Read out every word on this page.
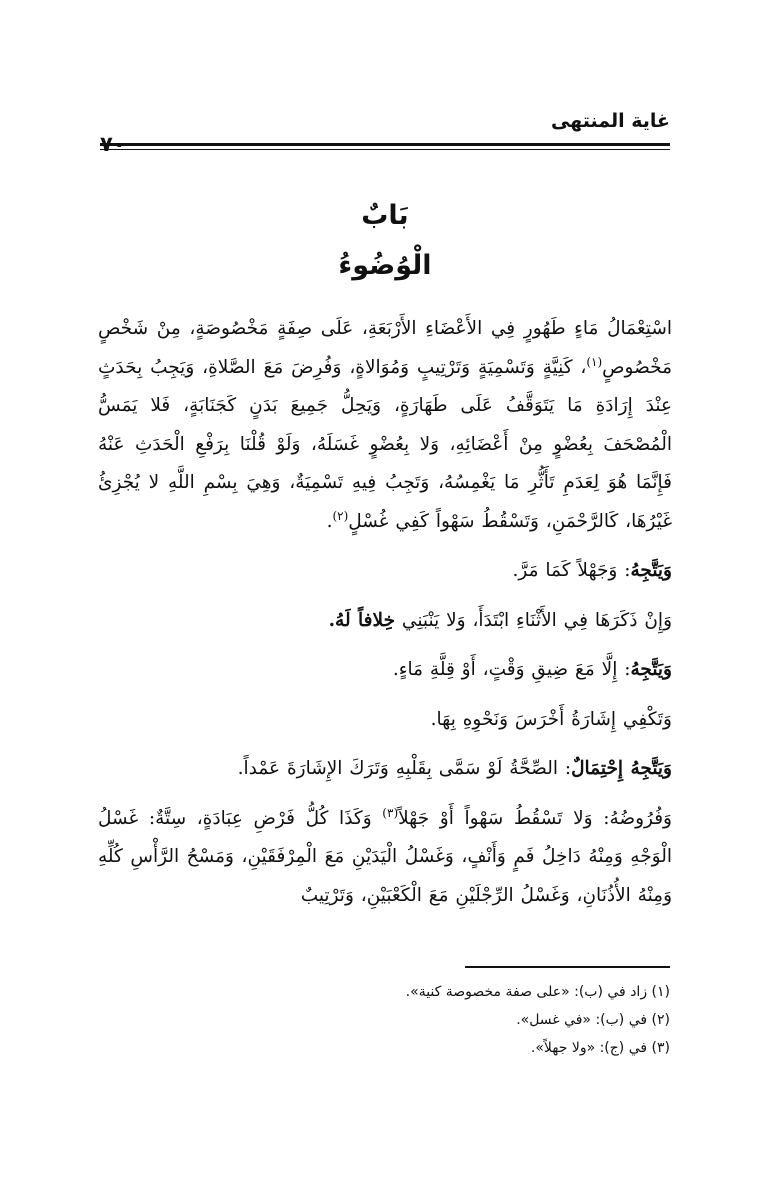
غاية المنتهى
٧٠
بَابٌ
الْوُضُوءُ
اسْتِعْمَالُ مَاءٍ طَهُورٍ فِي الأَعْضَاءِ الأَرْبَعَةِ، عَلَى صِفَةٍ مَخْصُوصَةٍ، مِنْ شَخْصٍ مَخْصُوصٍ$^{(١)}$، كَنِيَّةٍ وَتَسْمِيَةٍ وَتَرْتِيبٍ وَمُوَالاةٍ، وَفُرِضَ مَعَ الصَّلاةِ، وَيَجِبُ بِحَدَثٍ عِنْدَ إِرَادَةِ مَا يَتَوَقَّفُ عَلَى طَهَارَةٍ، وَيَحِلُّ جَمِيعَ بَدَنٍ كَجَنَابَةٍ، فَلا يَمَسُّ الْمُصْحَفَ بِعُضْوٍ مِنْ أَعْضَائِهِ، وَلا بِعُضْوٍ غَسَلَهُ، وَلَوْ قُلْنَا بِرَفْعِ الْحَدَثِ عَنْهُ فَإِنَّمَا هُوَ لِعَدَمِ تَأَثُّرِ مَا يَغْمِسُهُ، وَتَجِبُ فِيهِ تَسْمِيَةٌ، وَهِيَ بِسْمِ اللَّهِ لا يُجْزِئُ غَيْرُهَا، كَالرَّحْمَنِ، وَتَسْقُطُ سَهْواً كَفِي غُسْلٍ$^{(٢)}$.
وَيَتَّجِهُ: وَجَهْلاً كَمَا مَرَّ.
وَإِنْ ذَكَرَهَا فِي الأَثْنَاءِ ابْتَدَأَ، وَلا يَنْبَنِي خِلافاً لَهُ.
وَيَتَّجِهُ: إِلَّا مَعَ ضِيقِ وَقْتٍ، أَوْ قِلَّةِ مَاءٍ.
وَتَكْفِي إِشَارَةُ أَخْرَسَ وَنَحْوِهِ بِهَا.
وَيَتَّجِهُ إِحْتِمَالٌ: الصِّحَّةُ لَوْ سَمَّى بِقَلْبِهِ وَتَرَكَ الإِشَارَةَ عَمْداً.
وَفُرُوضُهُ: وَلا تَسْقُطُ سَهْواً أَوْ جَهْلاً$^{(٣)}$ وَكَذَا كُلُّ فَرْضِ عِبَادَةٍ، سِتَّةٌ: غَسْلُ الْوَجْهِ وَمِنْهُ دَاخِلُ فَمٍ وَأَنْفٍ، وَغَسْلُ الْيَدَيْنِ مَعَ الْمِرْفَقَيْنِ، وَمَسْحُ الرَّأْسِ كُلِّهِ وَمِنْهُ الأُذُنَانِ، وَغَسْلُ الرِّجْلَيْنِ مَعَ الْكَعْبَيْنِ، وَتَرْتِيبٌ
(١) زاد في (ب): «على صفة مخصوصة كنية».
(٢) في (ب): «في غسل».
(٣) في (ج): «ولا جهلاً».
